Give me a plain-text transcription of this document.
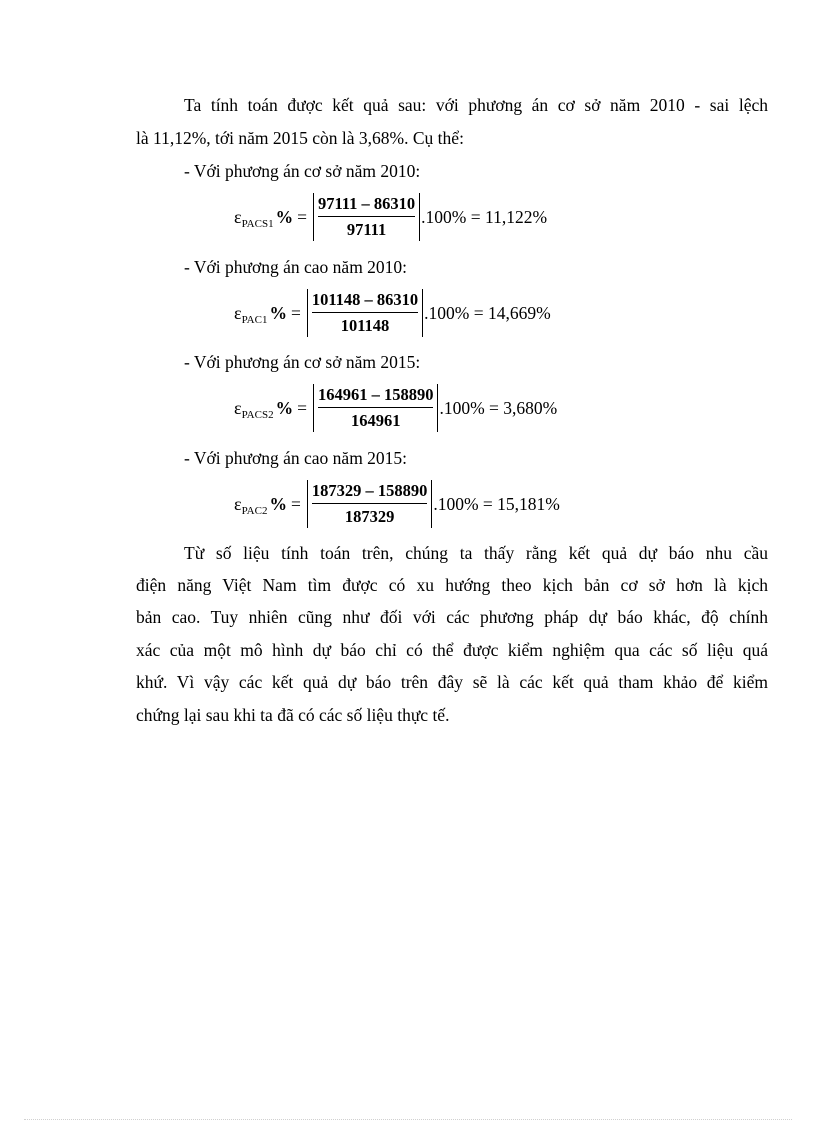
Ta tính toán được kết quả sau: với phương án cơ sở năm 2010 - sai lệch
là 11,12%, tới năm 2015 còn là 3,68%. Cụ thể:
- Với phương án cơ sở năm 2010:
ε PACS1 % = $\frac{97111 - 86310}{97111} .100\% = 11,122\%$
- Với phương án cao năm 2010:
ε PAC1 % = $\frac{101148 - 86310}{101148} .100\% = 14,669\%$
- Với phương án cơ sở năm 2015:
ε PACS2 % = $\frac{164961 - 158890}{164961} .100\% = 3,680\%$
- Với phương án cao năm 2015:
ε PAC2 % = $\frac{187329 - 158890}{187329} .100\% = 15,181\%$
Từ số liệu tính toán trên, chúng ta thấy rằng kết quả dự báo nhu cầu
điện năng Việt Nam tìm được có xu hướng theo kịch bản cơ sở hơn là kịch
bản cao. Tuy nhiên cũng như đối với các phương pháp dự báo khác, độ chính
xác của một mô hình dự báo chỉ có thể được kiểm nghiệm qua các số liệu quá
khứ. Vì vậy các kết quả dự báo trên đây sẽ là các kết quả tham khảo để kiểm
chứng lại sau khi ta đã có các số liệu thực tế.
